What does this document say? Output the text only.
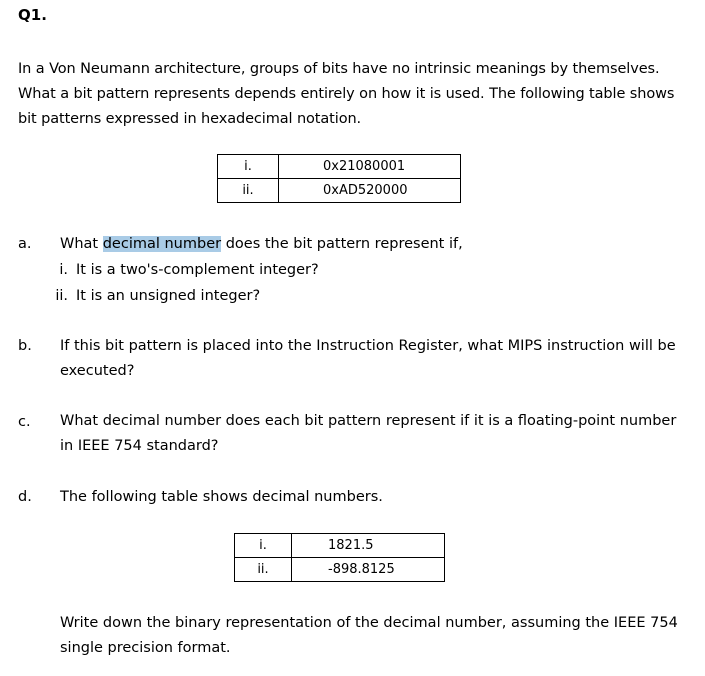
Q1.
In a Von Neumann architecture, groups of bits have no intrinsic meanings by themselves.
What a bit pattern represents depends entirely on how it is used. The following table shows
bit patterns expressed in hexadecimal notation.
i.	0x21080001
ii.	0xAD520000
a. What decimal number does the bit pattern represent if,
i. It is a two's-complement integer?
ii. It is an unsigned integer?
b. If this bit pattern is placed into the Instruction Register, what MIPS instruction will be
executed?
c. What decimal number does each bit pattern represent if it is a floating-point number
in IEEE 754 standard?
d. The following table shows decimal numbers.
i.	1821.5
ii.	-898.8125
Write down the binary representation of the decimal number, assuming the IEEE 754
single precision format.
